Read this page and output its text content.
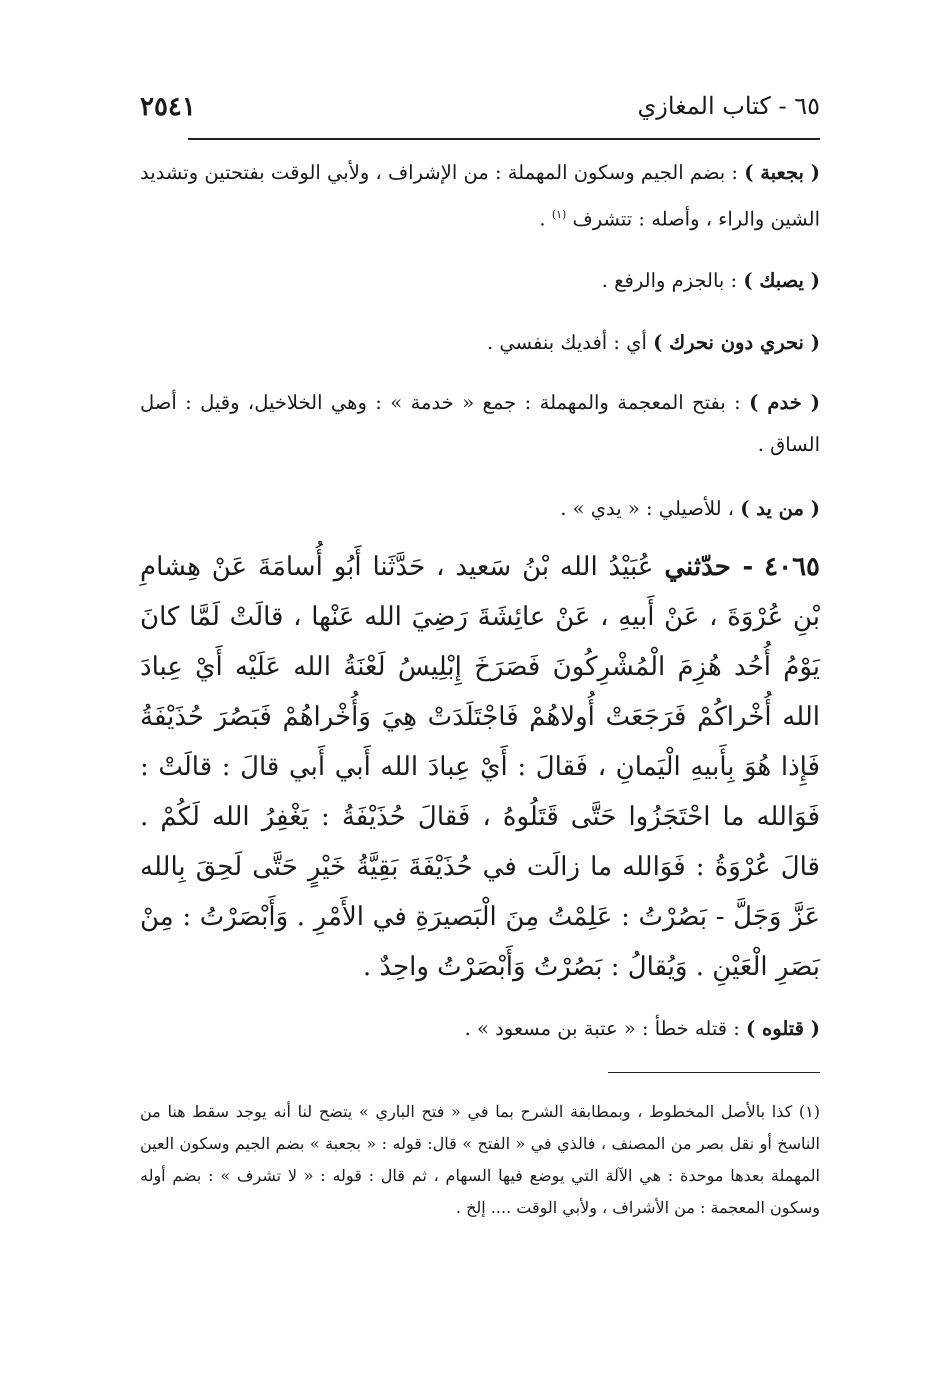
٦٥ - كتاب المغازي
٢٥٤١
( بجعبة ) : بضم الجيم وسكون المهملة : من الإشراف ، ولأبي الوقت بفتحتين وتشديد الشين والراء ، وأصله : تتشرف $^{(١)}$ .
( يصبك ) : بالجزم والرفع .
( نحري دون نحرك ) أي : أفديك بنفسي .
( خدم ) : بفتح المعجمة والمهملة : جمع « خدمة » : وهي الخلاخيل، وقيل : أصل الساق .
( من يد ) ، للأصيلي : « يدي » .
٤٠٦٥ - حدّثني عُبَيْدُ الله بْنُ سَعيد ، حَدَّثَنا أَبُو أُسامَةَ عَنْ هِشامِ بْنِ عُرْوَةَ ، عَنْ أَبيهِ ، عَنْ عائِشَةَ رَضِيَ الله عَنْها ، قالَتْ لَمَّا كانَ يَوْمُ أُحُد هُزِمَ الْمُشْرِكُونَ فَصَرَخَ إِبْلِيسُ لَعْنَةُ الله عَلَيْه أَيْ عِبادَ الله أُخْراكُمْ فَرَجَعَتْ أُولاهُمْ فَاجْتَلَدَتْ هِيَ وَأُخْراهُمْ فَبَصُرَ حُذَيْفَةُ فَإِذا هُوَ بِأَبيهِ الْيَمانِ ، فَقالَ : أَيْ عِبادَ الله أَبي أَبي قالَ : قالَتْ : فَوَالله ما احْتَجَزُوا حَتَّى قَتَلُوهُ ، فَقالَ حُذَيْفَةُ : يَغْفِرُ الله لَكُمْ . قالَ عُرْوَةُ : فَوَالله ما زالَت في حُذَيْفَةَ بَقِيَّةُ خَيْرٍ حَتَّى لَحِقَ بِالله عَزَّ وَجَلَّ - بَصُرْتُ : عَلِمْتُ مِنَ الْبَصيرَةِ في الأَمْرِ . وَأَبْصَرْتُ : مِنْ بَصَرِ الْعَيْنِ . وَيُقالُ : بَصُرْتُ وَأَبْصَرْتُ واحِدٌ .
( قتلوه ) : قتله خطأ : « عتبة بن مسعود » .
(١) كذا بالأصل المخطوط ، وبمطابقة الشرح بما في « فتح الباري » يتضح لنا أنه يوجد سقط هنا من الناسخ أو نقل بصر من المصنف ، فالذي في « الفتح » قال: قوله : « بجعبة » بضم الجيم وسكون العين المهملة بعدها موحدة : هي الآلة التي يوضع فيها السهام ، ثم قال : قوله : « لا تشرف » : بضم أوله وسكون المعجمة : من الأشراف ، ولأبي الوقت .... إلخ .
